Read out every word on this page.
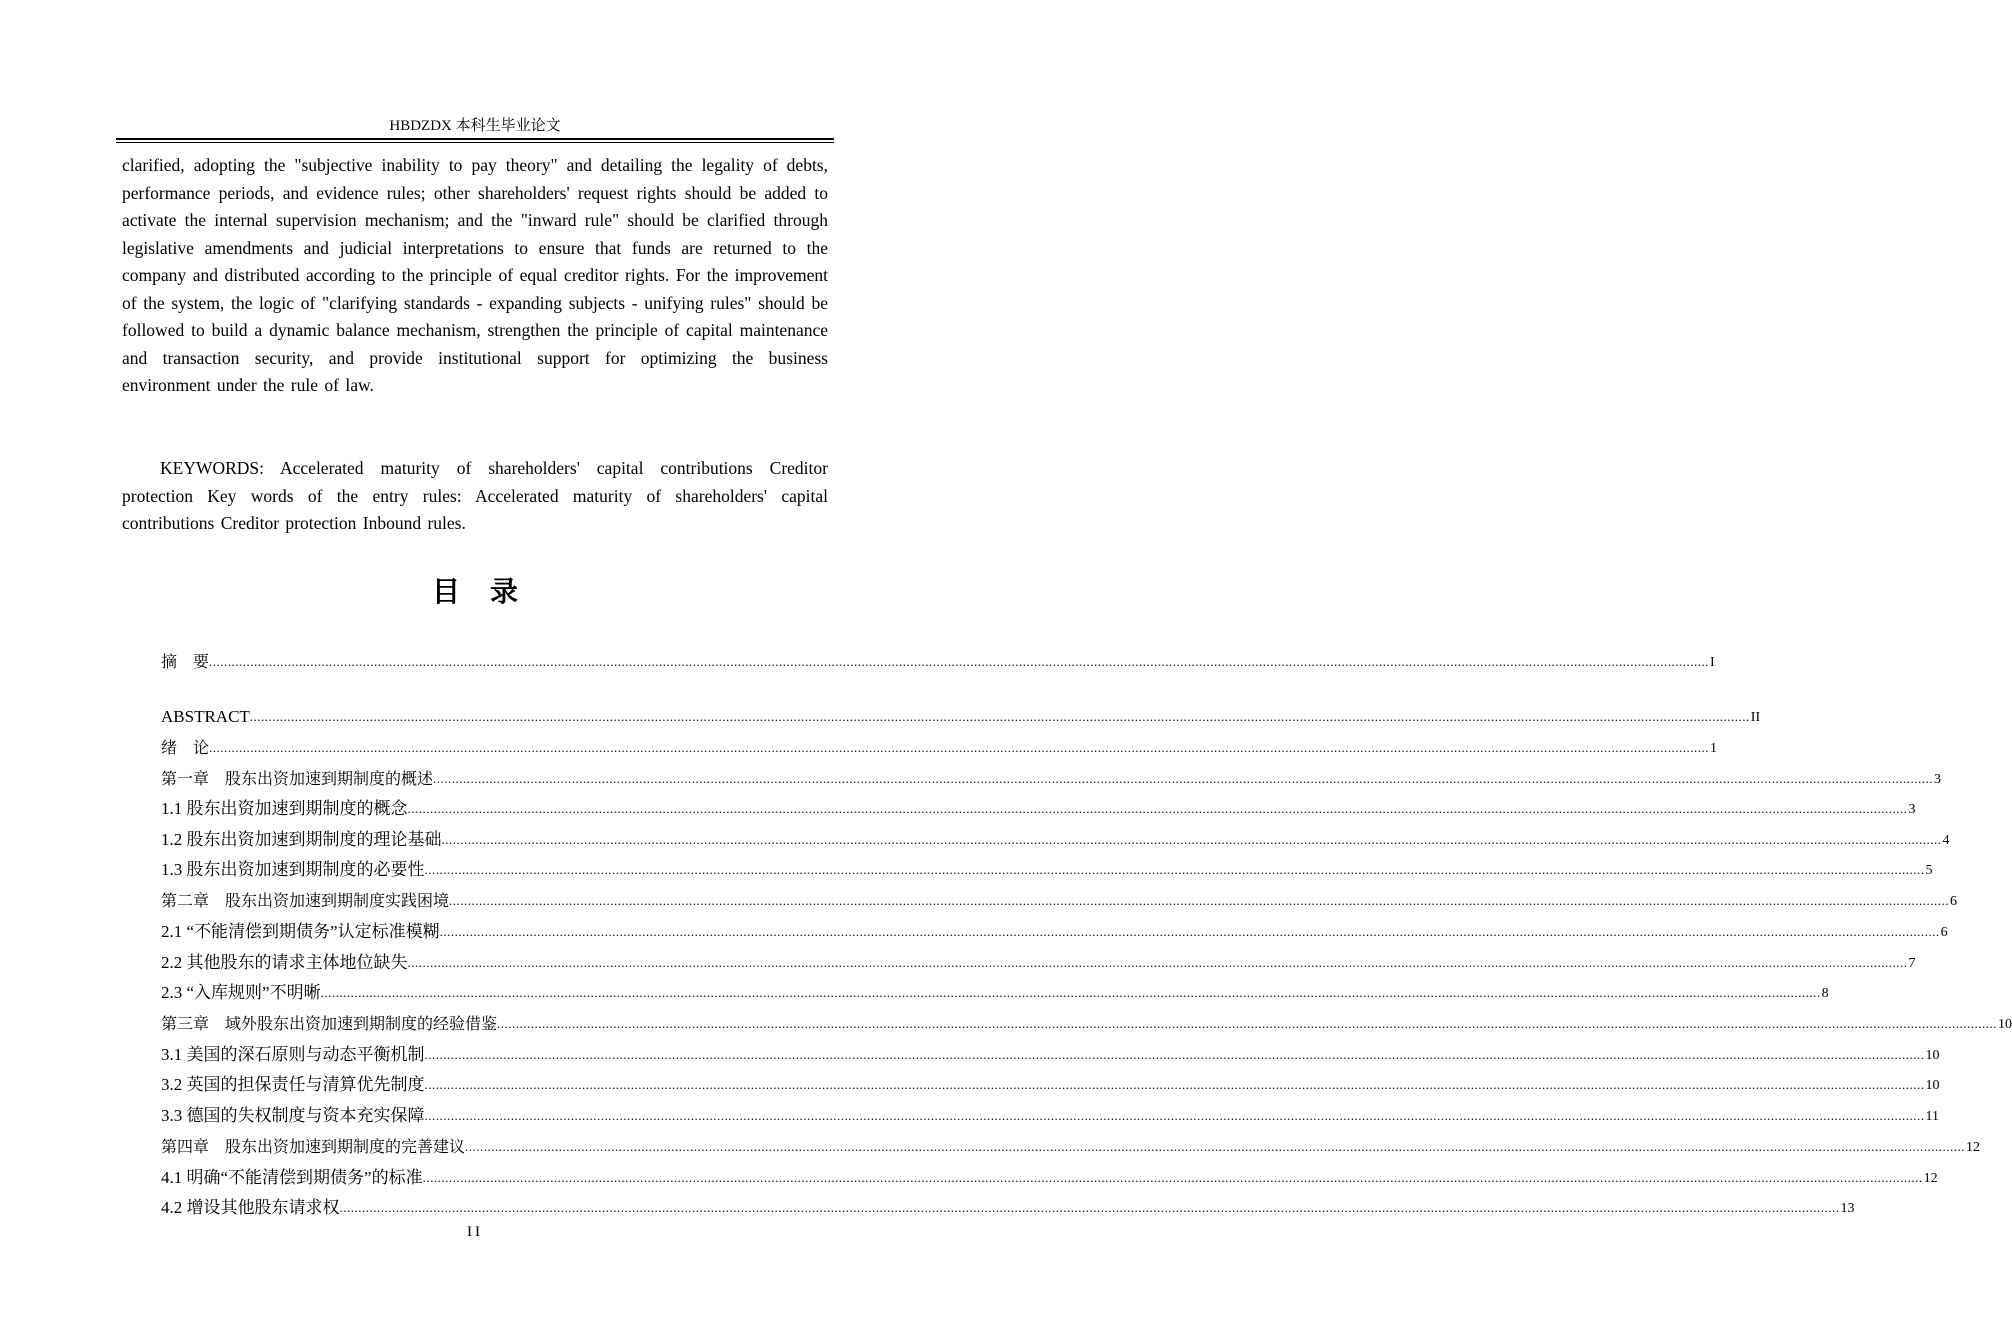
HBDZDX 本科生毕业论文

clarified, adopting the "subjective inability to pay theory" and detailing the legality of debts, performance periods, and evidence rules; other shareholders' request rights should be added to activate the internal supervision mechanism; and the "inward rule" should be clarified through legislative amendments and judicial interpretations to ensure that funds are returned to the company and distributed according to the principle of equal creditor rights. For the improvement of the system, the logic of "clarifying standards - expanding subjects - unifying rules" should be followed to build a dynamic balance mechanism, strengthen the principle of capital maintenance and transaction security, and provide institutional support for optimizing the business environment under the rule of law.

KEYWORDS: Accelerated maturity of shareholders' capital contributions Creditor protection Key words of the entry rules: Accelerated maturity of shareholders' capital contributions Creditor protection Inbound rules.

目录
摘　要 ................................................................................................................................................................................................................................................................................................................................................................................................................ I
ABSTRACT ................................................................................................................................................................................................................................................................................................................................................................................................................ II
绪　论 ................................................................................................................................................................................................................................................................................................................................................................................................................ 1
第一章　股东出资加速到期制度的概述 ................................................................................................................................................................................................................................................................................................................................................................................................................ 3
1.1 股东出资加速到期制度的概念 ................................................................................................................................................................................................................................................................................................................................................................................................................ 3
1.2 股东出资加速到期制度的理论基础 ................................................................................................................................................................................................................................................................................................................................................................................................................ 4
1.3 股东出资加速到期制度的必要性 ................................................................................................................................................................................................................................................................................................................................................................................................................ 5
第二章　股东出资加速到期制度实践困境 ................................................................................................................................................................................................................................................................................................................................................................................................................ 6
2.1 “不能清偿到期债务”认定标准模糊 ................................................................................................................................................................................................................................................................................................................................................................................................................ 6
2.2 其他股东的请求主体地位缺失 ................................................................................................................................................................................................................................................................................................................................................................................................................ 7
2.3 “入库规则”不明晰 ................................................................................................................................................................................................................................................................................................................................................................................................................ 8
第三章　域外股东出资加速到期制度的经验借鉴 ................................................................................................................................................................................................................................................................................................................................................................................................................ 10
3.1 美国的深石原则与动态平衡机制 ................................................................................................................................................................................................................................................................................................................................................................................................................ 10
3.2 英国的担保责任与清算优先制度 ................................................................................................................................................................................................................................................................................................................................................................................................................ 10
3.3 德国的失权制度与资本充实保障 ................................................................................................................................................................................................................................................................................................................................................................................................................ 11
第四章　股东出资加速到期制度的完善建议 ................................................................................................................................................................................................................................................................................................................................................................................................................ 12
4.1 明确“不能清偿到期债务”的标准 ................................................................................................................................................................................................................................................................................................................................................................................................................ 12
4.2 增设其他股东请求权 ................................................................................................................................................................................................................................................................................................................................................................................................................ 13
II
